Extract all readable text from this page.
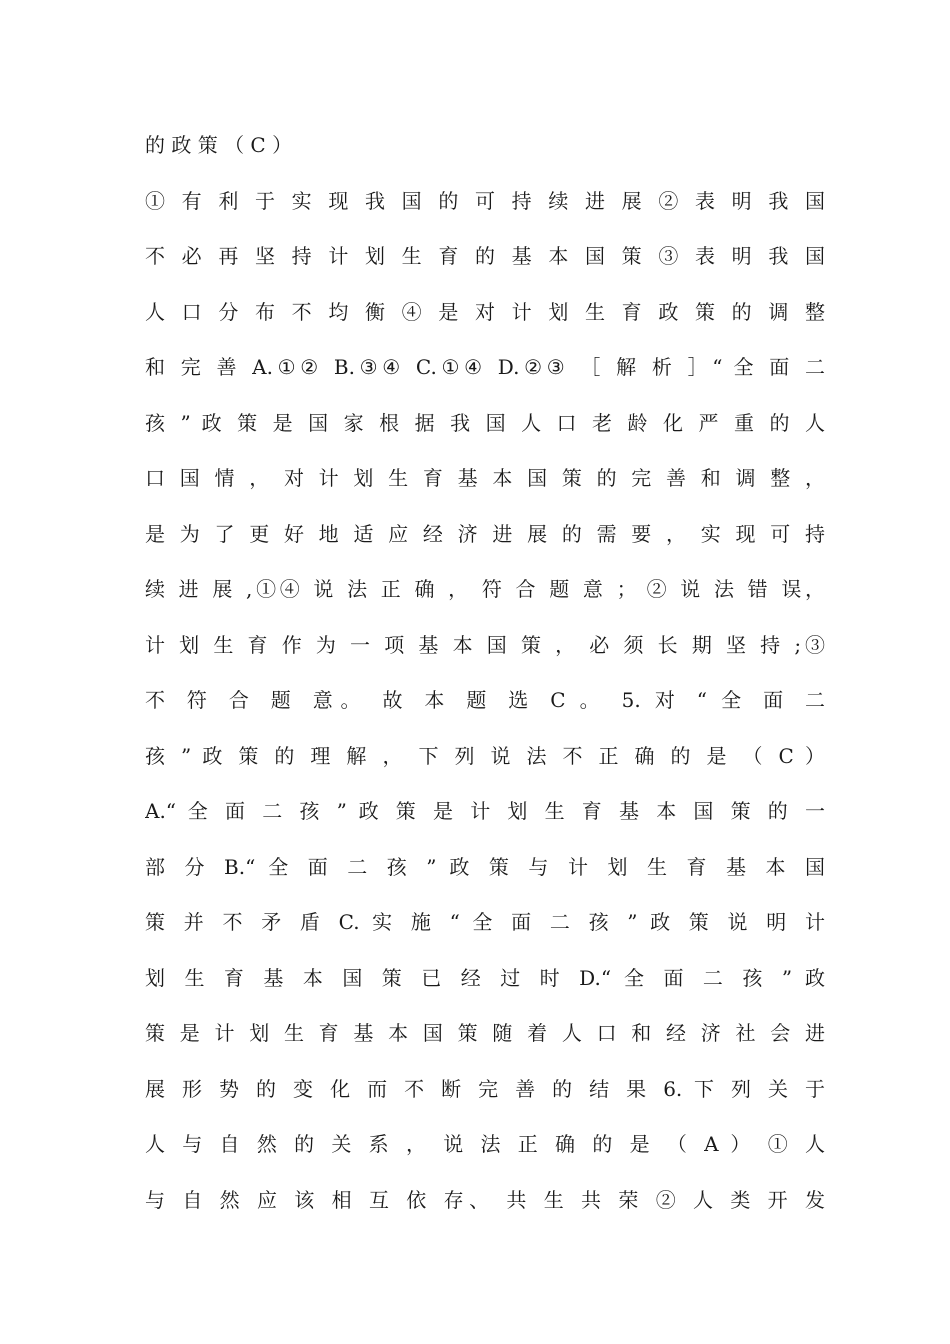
的 政 策 （ C ）
① 有 利 于 实 现 我 国 的 可 持 续 进 展 ② 表 明 我 国
不 必 再 坚 持 计 划 生 育 的 基 本 国 策 ③ 表 明 我 国
人 口 分 布 不 均 衡 ④ 是 对 计 划 生 育 政 策 的 调 整
和 完 善 A.①② B.③④ C.①④ D.②③ ［ 解 析 ］“ 全 面 二
孩 ” 政 策 是 国 家 根 据 我 国 人 口 老 龄 化 严 重 的 人
口 国 情 ， 对 计 划 生 育 基 本 国 策 的 完 善 和 调 整 ，
是 为 了 更 好 地 适 应 经 济 进 展 的 需 要 ， 实 现 可 持
续 进 展 ,①④ 说 法 正 确 ， 符 合 题 意 ； ② 说 法 错 误，
计 划 生 育 作 为 一 项 基 本 国 策 ， 必 须 长 期 坚 持 ;③
不 符 合 题 意。 故 本 题 选 C 。 5. 对 “ 全 面 二
孩 ” 政 策 的 理 解 ， 下 列 说 法 不 正 确 的 是 （ C ）
A.“ 全 面 二 孩 ” 政 策 是 计 划 生 育 基 本 国 策 的 一
部 分 B.“ 全 面 二 孩 ” 政 策 与 计 划 生 育 基 本 国
策 并 不 矛 盾 C. 实 施 “ 全 面 二 孩 ” 政 策 说 明 计
划 生 育 基 本 国 策 已 经 过 时 D.“ 全 面 二 孩 ” 政
策 是 计 划 生 育 基 本 国 策 随 着 人 口 和 经 济 社 会 进
展 形 势 的 变 化 而 不 断 完 善 的 结 果 6. 下 列 关 于
人 与 自 然 的 关 系 ， 说 法 正 确 的 是 （ A ） ① 人
与 自 然 应 该 相 互 依 存、 共 生 共 荣 ② 人 类 开 发
